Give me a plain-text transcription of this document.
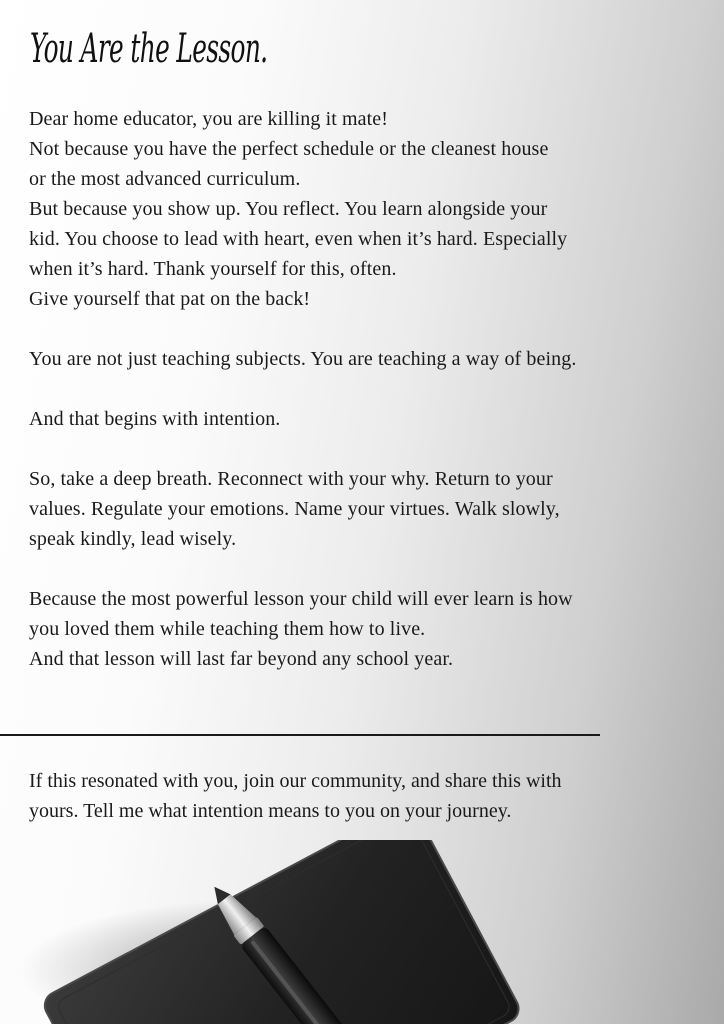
You Are the Lesson.

Dear home educator, you are killing it mate!
Not because you have the perfect schedule or the cleanest house
or the most advanced curriculum.
But because you show up. You reflect. You learn alongside your
kid. You choose to lead with heart, even when it’s hard. Especially
when it’s hard. Thank yourself for this, often.
Give yourself that pat on the back!

You are not just teaching subjects. You are teaching a way of being.

And that begins with intention.

So, take a deep breath. Reconnect with your why. Return to your
values. Regulate your emotions. Name your virtues. Walk slowly,
speak kindly, lead wisely.

Because the most powerful lesson your child will ever learn is how
you loved them while teaching them how to live.
And that lesson will last far beyond any school year.

If this resonated with you, join our community, and share this with
yours. Tell me what intention means to you on your journey.
